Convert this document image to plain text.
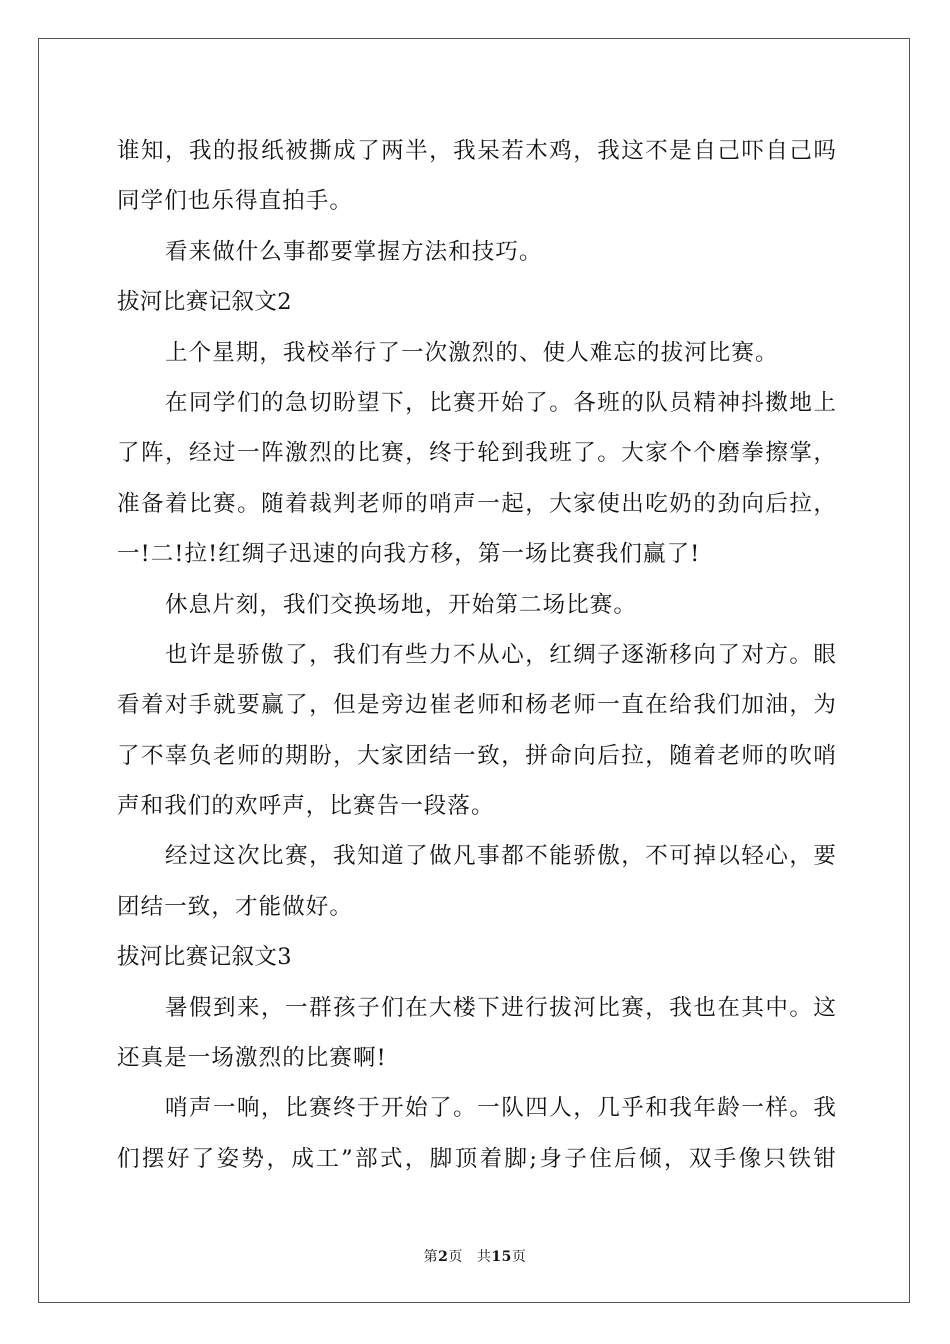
谁知，我的报纸被撕成了两半，我呆若木鸡，我这不是自己吓自己吗
同学们也乐得直拍手。
看来做什么事都要掌握方法和技巧。
拔河比赛记叙文2
上个星期，我校举行了一次激烈的、使人难忘的拔河比赛。
在同学们的急切盼望下，比赛开始了。各班的队员精神抖擞地上
了阵，经过一阵激烈的比赛，终于轮到我班了。大家个个磨拳擦掌，
准备着比赛。随着裁判老师的哨声一起，大家使出吃奶的劲向后拉，
一!二!拉!红绸子迅速的向我方移，第一场比赛我们赢了!
休息片刻，我们交换场地，开始第二场比赛。
也许是骄傲了，我们有些力不从心，红绸子逐渐移向了对方。眼
看着对手就要赢了，但是旁边崔老师和杨老师一直在给我们加油，为
了不辜负老师的期盼，大家团结一致，拼命向后拉，随着老师的吹哨
声和我们的欢呼声，比赛告一段落。
经过这次比赛，我知道了做凡事都不能骄傲，不可掉以轻心，要
团结一致，才能做好。
拔河比赛记叙文3
暑假到来，一群孩子们在大楼下进行拔河比赛，我也在其中。这
还真是一场激烈的比赛啊!
哨声一响，比赛终于开始了。一队四人，几乎和我年龄一样。我
们摆好了姿势，成工”部式，脚顶着脚;身子住后倾，双手像只铁钳
第2页 共15页
